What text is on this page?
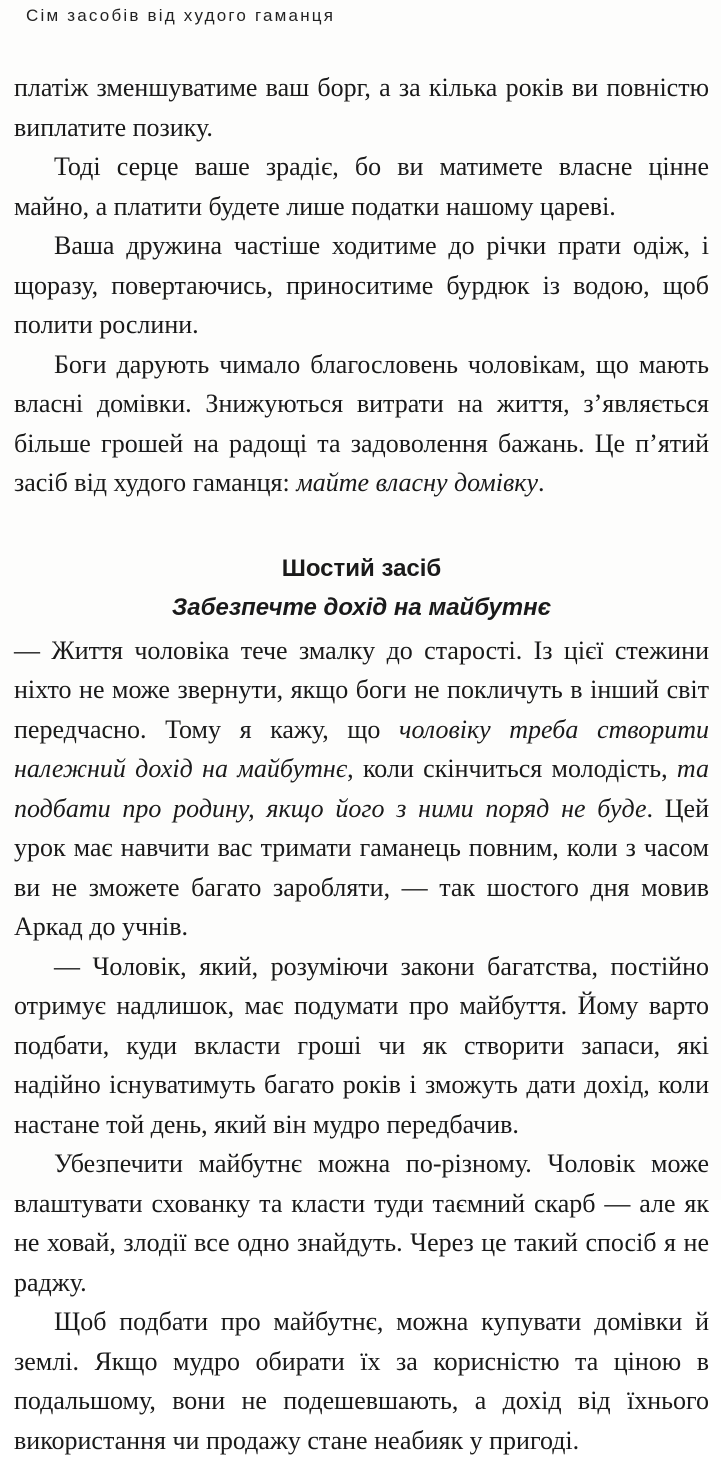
Сім засобів від худого гаманця

платіж зменшуватиме ваш борг, а за кілька років ви повністю виплатите позику.

Тоді серце ваше зрадіє, бо ви матимете власне цінне майно, а платити будете лише податки нашому цареві.

Ваша дружина частіше ходитиме до річки прати одіж, і щоразу, повертаючись, приноситиме бурдюк із водою, щоб полити рослини.

Боги дарують чимало благословень чоловікам, що мають власні домівки. Знижуються витрати на життя, з’являється більше грошей на радощі та задоволення бажань. Це п’ятий засіб від худого гаманця: майте власну домівку.

Шостий засіб
Забезпечте дохід на майбутнє

— Життя чоловіка тече змалку до старості. Із цієї стежини ніхто не може звернути, якщо боги не покличуть в інший світ передчасно. Тому я кажу, що чоловіку треба створити належний дохід на майбутнє, коли скінчиться молодість, та подбати про родину, якщо його з ними поряд не буде. Цей урок має навчити вас тримати гаманець повним, коли з часом ви не зможете багато заробляти, — так шостого дня мовив Аркад до учнів.

— Чоловік, який, розуміючи закони багатства, постійно отримує надлишок, має подумати про майбуття. Йому варто подбати, куди вкласти гроші чи як створити запаси, які надійно існуватимуть багато років і зможуть дати дохід, коли настане той день, який він мудро передбачив.

Убезпечити майбутнє можна по-різному. Чоловік може влаштувати схованку та класти туди таємний скарб — але як не ховай, злодії все одно знайдуть. Через це такий спосіб я не раджу.

Щоб подбати про майбутнє, можна купувати домівки й землі. Якщо мудро обирати їх за корисністю та ціною в подальшому, вони не подешевшають, а дохід від їхнього використання чи продажу стане неабияк у пригоді.
